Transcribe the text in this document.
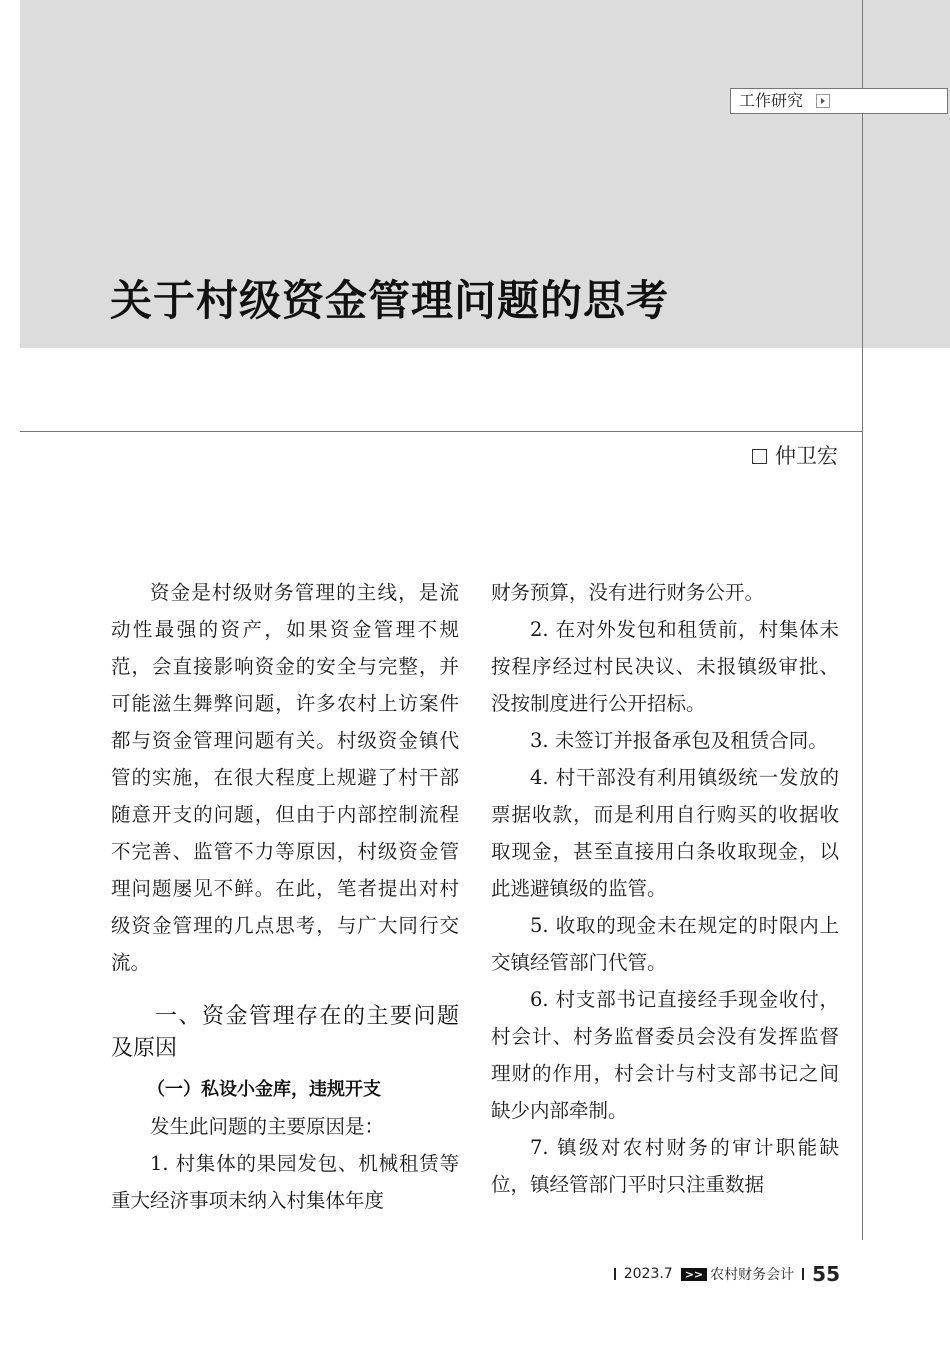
工作研究
关于村级资金管理问题的思考
仲卫宏

资金是村级财务管理的主线，是流动性最强的资产，如果资金管理不规范，会直接影响资金的安全与完整，并可能滋生舞弊问题，许多农村上访案件都与资金管理问题有关。村级资金镇代管的实施，在很大程度上规避了村干部随意开支的问题，但由于内部控制流程不完善、监管不力等原因，村级资金管理问题屡见不鲜。在此，笔者提出对村级资金管理的几点思考，与广大同行交流。

一、资金管理存在的主要问题及原因
（一）私设小金库，违规开支

发生此问题的主要原因是：

1. 村集体的果园发包、机械租赁等重大经济事项未纳入村集体年度

财务预算，没有进行财务公开。

2. 在对外发包和租赁前，村集体未按程序经过村民决议、未报镇级审批、没按制度进行公开招标。

3. 未签订并报备承包及租赁合同。

4. 村干部没有利用镇级统一发放的票据收款，而是利用自行购买的收据收取现金，甚至直接用白条收取现金，以此逃避镇级的监管。

5. 收取的现金未在规定的时限内上交镇经管部门代管。

6. 村支部书记直接经手现金收付，村会计、村务监督委员会没有发挥监督理财的作用，村会计与村支部书记之间缺少内部牵制。

7. 镇级对农村财务的审计职能缺位，镇经管部门平时只注重数据

2023.7	>> 农村财务会计 55
